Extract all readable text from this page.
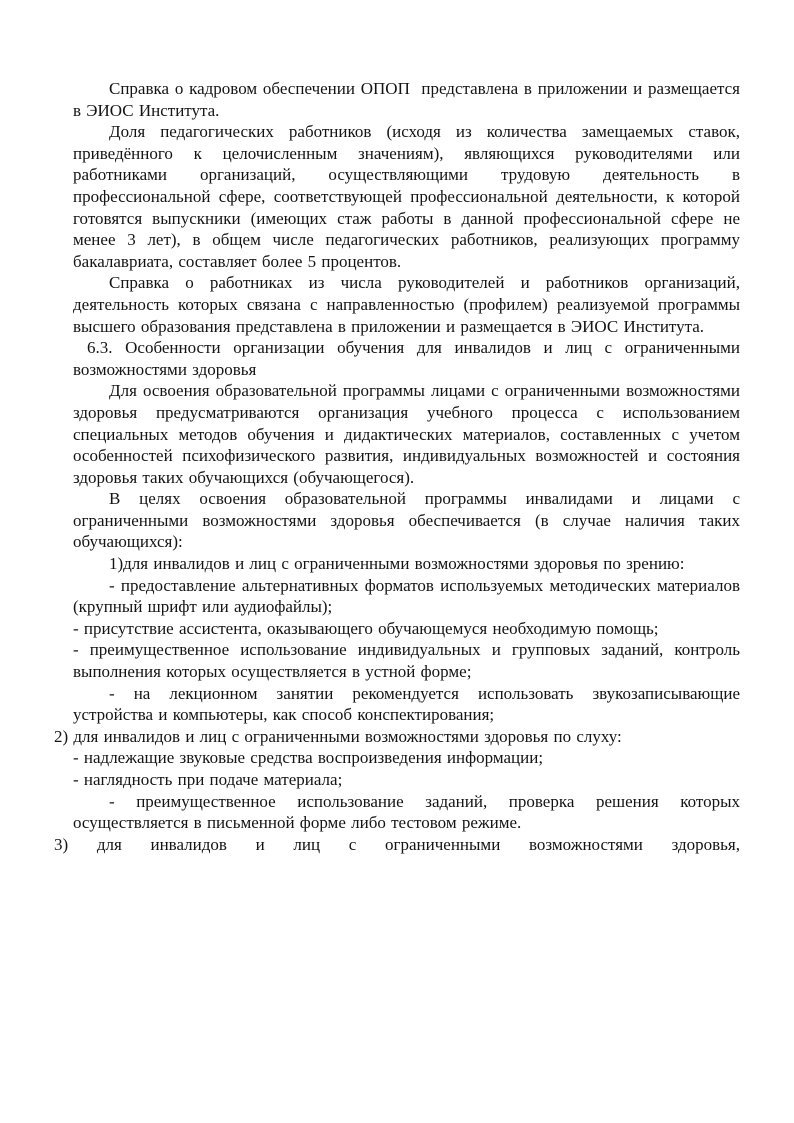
Справка о кадровом обеспечении ОПОП  представлена в приложении и размещается в ЭИОС Института.

Доля педагогических работников (исходя из количества замещаемых ставок, приведённого к целочисленным значениям), являющихся руководителями или работниками организаций, осуществляющими трудовую деятельность в профессиональной сфере, соответствующей профессиональной деятельности, к которой готовятся выпускники (имеющих стаж работы в данной профессиональной сфере не менее 3 лет), в общем числе педагогических работников, реализующих программу бакалавриата, составляет более 5 процентов.

Справка о работниках из числа руководителей и работников организаций, деятельность которых связана с направленностью (профилем) реализуемой программы высшего образования представлена в приложении и размещается в ЭИОС Института.

6.3. Особенности организации обучения для инвалидов и лиц с ограниченными возможностями здоровья

Для освоения образовательной программы лицами с ограниченными возможностями здоровья предусматриваются организация учебного процесса с использованием специальных методов обучения и дидактических материалов, составленных с учетом особенностей психофизического развития, индивидуальных возможностей и состояния здоровья таких обучающихся (обучающегося).

В целях освоения образовательной программы инвалидами и лицами с ограниченными возможностями здоровья обеспечивается (в случае наличия таких обучающихся):

1)для инвалидов и лиц с ограниченными возможностями здоровья по зрению:

- предоставление альтернативных форматов используемых методических материалов (крупный шрифт или аудиофайлы);

- присутствие ассистента, оказывающего обучающемуся необходимую помощь;

- преимущественное использование индивидуальных и групповых заданий, контроль выполнения которых осуществляется в устной форме;

- на лекционном занятии рекомендуется использовать звукозаписывающие устройства и компьютеры, как способ конспектирования;

2) для инвалидов и лиц с ограниченными возможностями здоровья по слуху:

- надлежащие звуковые средства воспроизведения информации;

- наглядность при подаче материала;

- преимущественное использование заданий, проверка решения которых осуществляется в письменной форме либо тестовом режиме.

3) для инвалидов и лиц с ограниченными возможностями здоровья,
